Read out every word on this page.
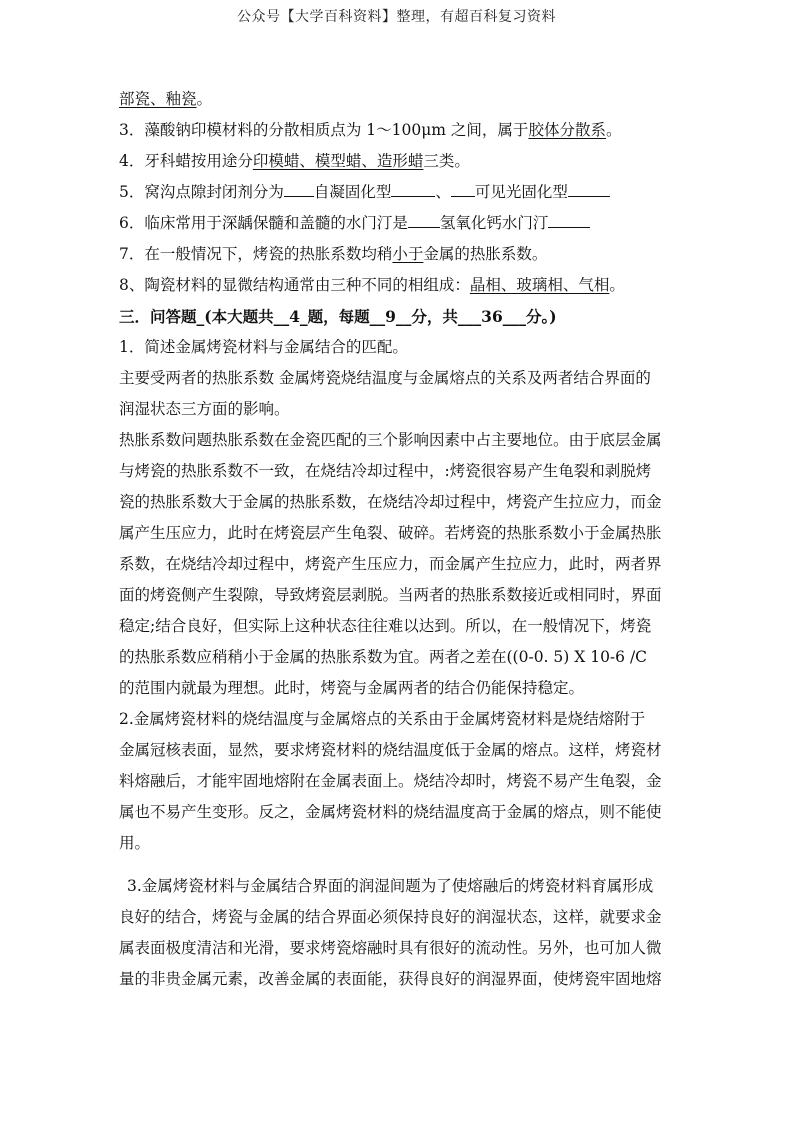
公众号【大学百科资料】整理，有超百科复习资料
部瓷、釉瓷。
3．藻酸钠印模材料的分散相质点为 1～100μm 之间，属于胶体分散系。
4．牙科蜡按用途分印模蜡、模型蜡、造形蜡三类。
5．窝沟点隙封闭剂分为 自凝固化型	、 可见光固化型
6．临床常用于深龋保髓和盖髓的水门汀是 氢氧化钙水门汀
7．在一般情况下，烤瓷的热胀系数均稍小于金属的热胀系数。
8、陶瓷材料的显微结构通常由三种不同的相组成：晶相、玻璃相、气相。
三．问答题_(本大题共__4_题，每题__9__分，共___36___分。)
1．简述金属烤瓷材料与金属结合的匹配。
主要受两者的热胀系数 金属烤瓷烧结温度与金属熔点的关系及两者结合界面的
润湿状态三方面的影响。
热胀系数问题热胀系数在金瓷匹配的三个影响因素中占主要地位。由于底层金属
与烤瓷的热胀系数不一致，在烧结冷却过程中，:烤瓷很容易产生龟裂和剥脱烤
瓷的热胀系数大于金属的热胀系数，在烧结冷却过程中，烤瓷产生拉应力，而金
属产生压应力，此时在烤瓷层产生龟裂、破碎。若烤瓷的热胀系数小于金属热胀
系数，在烧结冷却过程中，烤瓷产生压应力，而金属产生拉应力，此时，两者界
面的烤瓷侧产生裂隙，导致烤瓷层剥脱。当两者的热胀系数接近或相同时，界面
稳定;结合良好，但实际上这种状态往往难以达到。所以，在一般情况下，烤瓷
的热胀系数应稍稍小于金属的热胀系数为宜。两者之差在((0-0. 5) X 10-6 /C
的范围内就最为理想。此时，烤瓷与金属两者的结合仍能保持稳定。
2.金属烤瓷材料的烧结温度与金属熔点的关系由于金属烤瓷材料是烧结熔附于
金属冠核表面，显然，要求烤瓷材料的烧结温度低于金属的熔点。这样，烤瓷材
料熔融后，才能牢固地熔附在金属表面上。烧结冷却时，烤瓷不易产生龟裂，金
属也不易产生变形。反之，金属烤瓷材料的烧结温度高于金属的熔点，则不能使
用。
3.金属烤瓷材料与金属结合界面的润湿间题为了使熔融后的烤瓷材料育属形成
良好的结合，烤瓷与金属的结合界面必须保持良好的润湿状态，这样，就要求金
属表面极度清洁和光滑，要求烤瓷熔融时具有很好的流动性。另外，也可加人微
量的非贵金属元素，改善金属的表面能，获得良好的润湿界面，使烤瓷牢固地熔
